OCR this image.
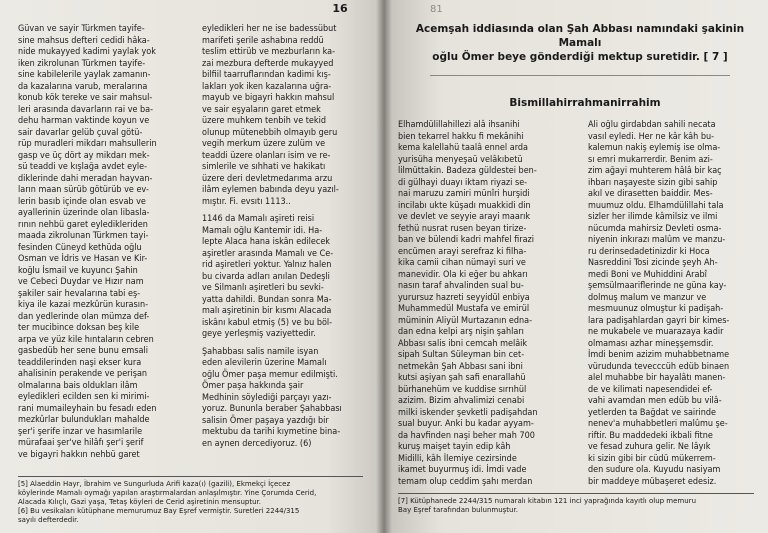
16

Güvan ve sayir Türkmen tayife-
sine mahsus defteri cedidi hâka-
nide mukayyed kadimi yaylak yok
iken zikrolunan Türkmen tayife-
sine kabilelerile yaylak zamanın-
da kazalarına varub, meralarına
konub kök tereke ve sair mahsul-
leri arasında davarların rai ve ba-
dehu harman vaktinde koyun ve
sair davarlar gelüb çuval götü-
rüp muradleri mikdarı mahsullerin
gasp ve üç dört ay mikdarı mek-
sü teaddi ve kışlağa avdet eyle-
diklerinde dahi meradan hayvan-
ların maan sürüb götürüb ve ev-
lerin basıb içinde olan esvab ve
ayallerinin üzerinde olan libasla-
rının nehbü garet eyledikleriden
maada zikrolunan Türkmen tayi-
fesinden Cüneyd kethüda oğlu
Osman ve İdris ve Hasan ve Kir-
koğlu İsmail ve kuyuncı Şahin
ve Cebeci Duydar ve Hızır nam
şakiler sair hevalarına tabi eş-
kiya ile kazai mezkûrün kurasın-
dan yedlerinde olan mümza def-
ter mucibince doksan beş kile
arpa ve yüz kile hıntaların cebren
gasbedüb her sene bunu emsali
teaddilerinden naşi ekser kura
ahalisinin perakende ve perişan
olmalarına bais oldukları ilâm
eyledikleri ecilden sen ki mirimi-
rani mumaileyhain bu fesadı eden
mezkûrlar bulundukları mahalde
şer'i şerife inzar ve hasımlarile
mürafaai şer've hilâfı şer'i şerif
ve bigayri hakkın nehbü garet

eyledikleri her ne ise badessübut
marifeti şerile ashabına reddü
teslim ettirüb ve mezburların ka-
zai mezbura defterde mukayyed
bilfiil taarruflarından kadimi kış-
lakları yok iken kazalarına uğra-
mayub ve bigayri hakkın mahsul
ve sair eşyaların garet etmek
üzere muhkem tenbih ve tekid
olunup mütenebbih olmayıb geru
vegih merkum üzere zulüm ve
teaddi üzere olanları isim ve re-
simlerile ve sıhhati ve hakikatı
üzere deri devletmedarıma arzu
ilâm eylemen babında deyu yazıl-
mıştır. Fi. evsıtı 1113..

1146 da Mamalı aşireti reisi
Mamalı oğlu Kantemir idi. Ha-
lepte Alaca hana iskân edilecek
aşiretler arasında Mamalı ve Ce-
rid aşiretleri yoktur. Yalnız halen
bu civarda adları anılan Dedeşli
ve Silmanlı aşiretleri bu sevki-
yatta dahildi. Bundan sonra Ma-
malı aşiretinin bir kısmı Alacada
iskânı kabul etmiş (5) ve bu böl-
geye yerleşmiş vaziyettedir.

Şahabbası salis namile isyan
eden alevilerin üzerine Mamalı
oğlu Ömer paşa memur edilmişti.
Ömer paşa hakkında şair
Medhinin söylediği parçayı yazı-
yoruz. Bununla beraber Şahabbası
salisin Ömer paşaya yazdığı bir
mektubu da tarihi kıymetine bina-
en aynen dercediyoruz. (6)

[5] Alaeddin Hayr, İbrahim ve Sungurluda Arifi kaza(ı) (gazili), Ekmekçi İçecez
köylerinde Mamalı oymağı yapılan araştırmalardan anlaşılmıştır. Yine Çorumda Cerid,
Alacada Kılıçlı, Gazi yaşa, Tetaş köyleri de Cerid aşiretinin mensuptur.

[6] Bu vesikaları kütüphane memurumuz Bay Eşref vermiştir. Suretleri 2244/315
sayılı defterdedir.

81
Acemşah iddiasında olan Şah Abbası namındaki şakinin Mamalı
oğlu Ömer beye gönderdiği mektup suretidir. [ 7 ]
Bismillahirrahmanirrahim

Elhamdülillahillezi alâ ihsanihi
bien tekarrel hakku fi mekânihi
kema kalellahü taalâ ennel arda
yurisüha menyeşaü velâkıbetü
lilmüttakin. Badeza güldestei ben-
di gülhayi duayı iktam riyazi se-
nai maruzu zamiri münîri hurşidi
incilabı ukte küşadı muakkidi din
ve devlet ve seyyie arayi maarık
fethü nusrat rusen beyan tirize-
ban ve bülendi kadri mahfel firazi
encümen arayi serefraz ki filha-
kika camii cihan nümayi suri ve
manevidir. Ola ki eğer bu ahkarı
nasın taraf ahvalinden sual bu-
yurursuz hazreti seyyidül enbiya
Muhammedül Mustafa ve emirül
müminin Aliyül Murtazanın edna-
dan edna kelpi arş nişin şahları
Abbası salis ibni cemcah melâik
sipah Sultan Süleyman bin cet-
netmekân Şah Abbası sani ibni
kutsi aşiyan şah safi enarallahü
bürhanehüm ve kuddise sırrıhül
azizim. Bizim ahvalimizi cenabi
milki iskender şevketli padişahdan
sual buyur. Anki bu kadar ayyam-
da havfinden naşi beher mah 700
kuruş maişet tayin edip kâh
Midilli, kâh İlemiye cezirsinde
ikamet buyurmuş idi. İmdi vade
temam olup ceddim şahı merdan

Ali oğlu girdabdan sahili necata
vasıl eyledi. Her ne kâr kâh bu-
kalemun nakiş eylemiş ise olma-
sı emri mukarrerdir. Benim azi-
zim ağayi muhterem hâlâ bir kaç
ihbarı naşayeste sizin gibi sahip
akıl ve dirasetten baiddir. Mes-
muumuz oldu. Elhamdülillahi tala
sizler her ilimde kâmilsiz ve ilmi
nücumda mahirsiz Devleti osma-
niyenin inkırazı malûm ve manzu-
ru derinsedadetinizdir ki Hoca
Nasreddini Tosi zicinde şeyh Ah-
medi Boni ve Muhiddini Arabî
şemsülmaariflerinde ne güna kay-
dolmuş malum ve manzur ve
mesmuunuz olmuştur ki padişah-
lara padişahlardan gayri bir kimes-
ne mukabele ve muarazaya kadir
olmaması azhar mineşşemsdir.
İmdi benim azizim muhabbetname
vürudunda tevecccüh edüb binaen
alel muhabbe bir hayalâtı manen-
de ve kilimati napesendidei ef-
vahi avamdan men edüb bu vilâ-
yetlerden ta Bağdat ve sairinde
nenev'a muhabbetleri malûmu şe-
riftir. Bu maddedeki ikbali fitne
ve fesad zuhura gelir. Ne lâyık
ki sizin gibi bir cüdü mükerrem-
den sudure ola. Kuyudu nasiyam
bir maddeye mübaşeret edesiz.

[7] Kütüphanede 2244/315 numaralı kitabın 121 inci yaprağında kayıtlı olup memuru
Bay Eşref tarafından bulunmuştur.
